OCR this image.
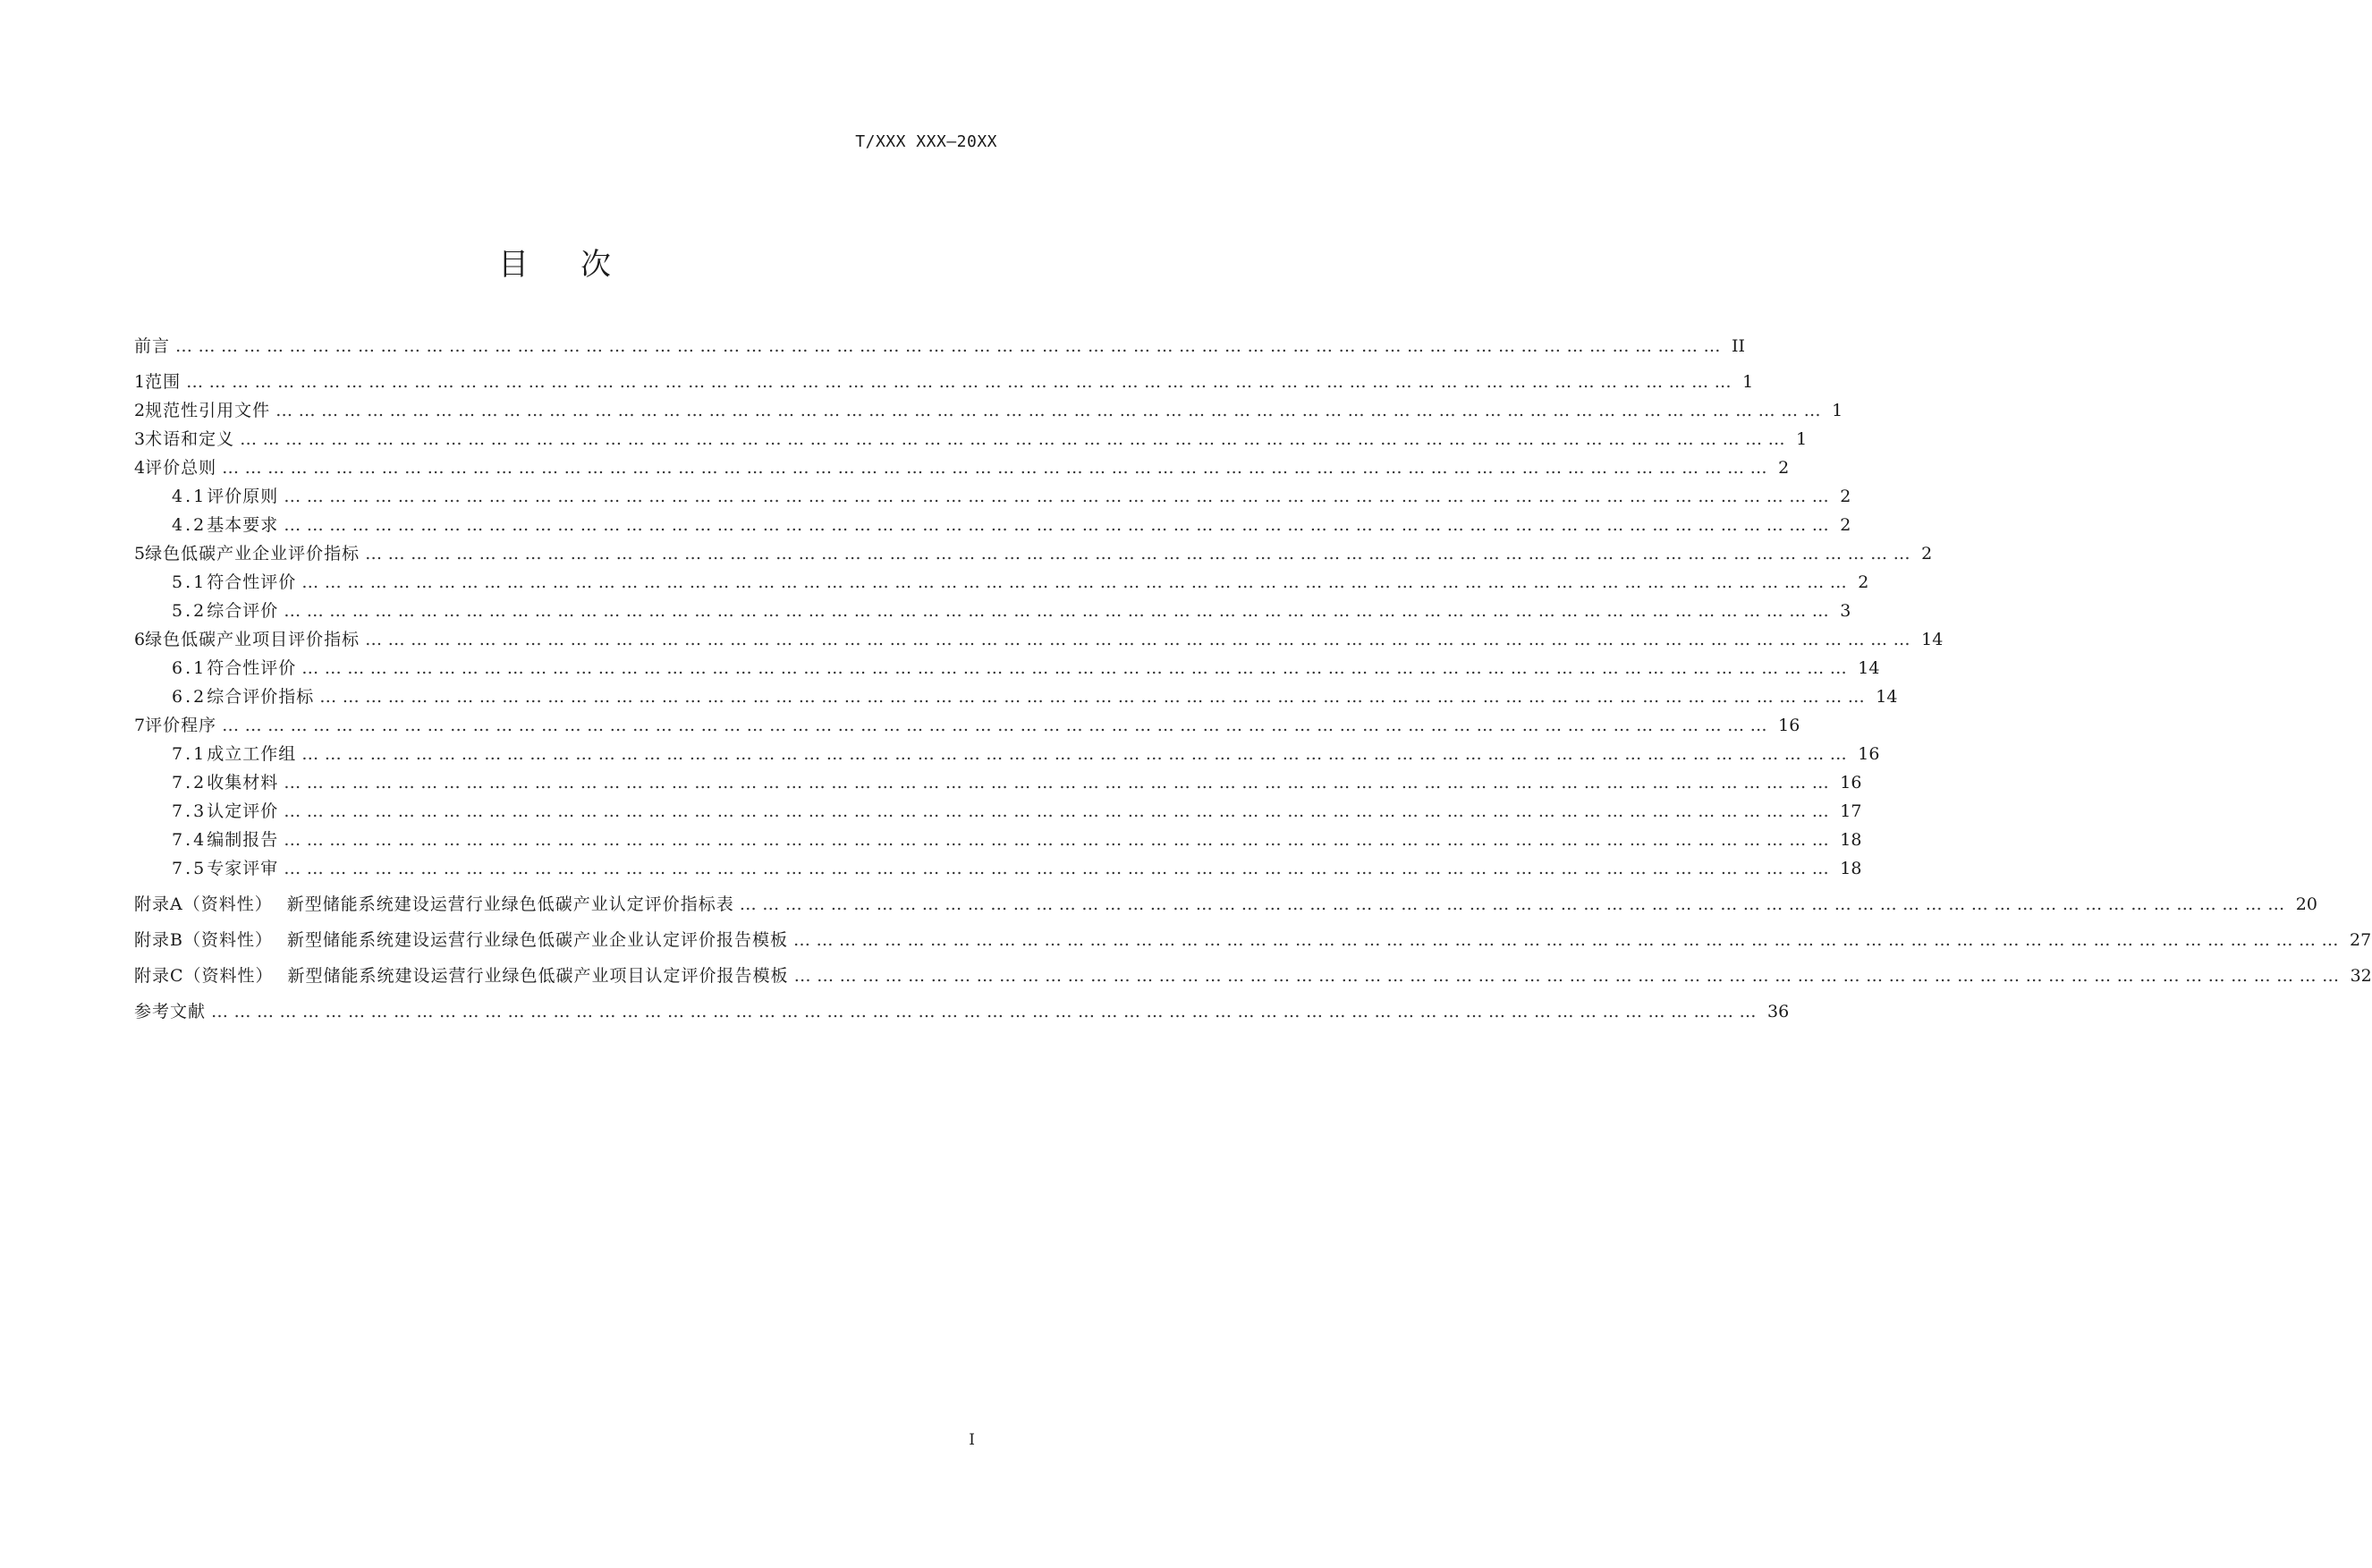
T/XXX XXX—20XX
目次
前言 …………………………………………………………………………………………………………………………………………………………………………………… II
1 范围 …………………………………………………………………………………………………………………………………………………………………………………… 1
2 规范性引用文件 …………………………………………………………………………………………………………………………………………………………………………………… 1
3 术语和定义 …………………………………………………………………………………………………………………………………………………………………………………… 1
4 评价总则 …………………………………………………………………………………………………………………………………………………………………………………… 2
4.1 评价原则 …………………………………………………………………………………………………………………………………………………………………………………… 2
4.2 基本要求 …………………………………………………………………………………………………………………………………………………………………………………… 2
5 绿色低碳产业企业评价指标 …………………………………………………………………………………………………………………………………………………………………………………… 2
5.1 符合性评价 …………………………………………………………………………………………………………………………………………………………………………………… 2
5.2 综合评价 …………………………………………………………………………………………………………………………………………………………………………………… 3
6 绿色低碳产业项目评价指标 …………………………………………………………………………………………………………………………………………………………………………………… 14
6.1 符合性评价 …………………………………………………………………………………………………………………………………………………………………………………… 14
6.2 综合评价指标 …………………………………………………………………………………………………………………………………………………………………………………… 14
7 评价程序 …………………………………………………………………………………………………………………………………………………………………………………… 16
7.1 成立工作组 …………………………………………………………………………………………………………………………………………………………………………………… 16
7.2 收集材料 …………………………………………………………………………………………………………………………………………………………………………………… 16
7.3 认定评价 …………………………………………………………………………………………………………………………………………………………………………………… 17
7.4 编制报告 …………………………………………………………………………………………………………………………………………………………………………………… 18
7.5 专家评审 …………………………………………………………………………………………………………………………………………………………………………………… 18
附录A（资料性） 新型储能系统建设运营行业绿色低碳产业认定评价指标表 …………………………………………………………………………………………………………………………………………………………………………………… 20
附录B（资料性） 新型储能系统建设运营行业绿色低碳产业企业认定评价报告模板 …………………………………………………………………………………………………………………………………………………………………………………… 27
附录C（资料性） 新型储能系统建设运营行业绿色低碳产业项目认定评价报告模板 …………………………………………………………………………………………………………………………………………………………………………………… 32
参考文献 …………………………………………………………………………………………………………………………………………………………………………………… 36
I
